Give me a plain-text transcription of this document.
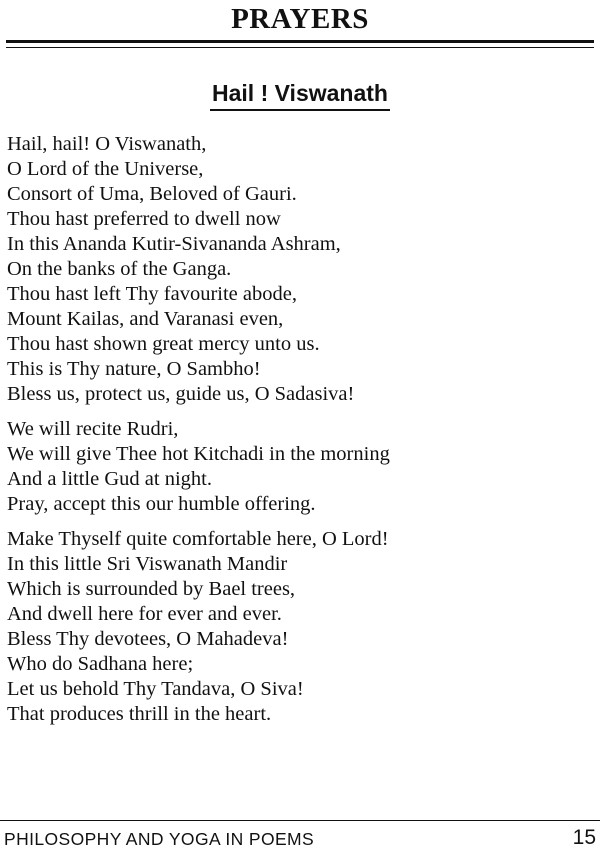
PRAYERS
Hail ! Viswanath

Hail, hail! O Viswanath,
O Lord of the Universe,
Consort of Uma, Beloved of Gauri.
Thou hast preferred to dwell now
In this Ananda Kutir-Sivananda Ashram,
On the banks of the Ganga.
Thou hast left Thy favourite abode,
Mount Kailas, and Varanasi even,
Thou hast shown great mercy unto us.
This is Thy nature, O Sambho!
Bless us, protect us, guide us, O Sadasiva!

We will recite Rudri,
We will give Thee hot Kitchadi in the morning
And a little Gud at night.
Pray, accept this our humble offering.

Make Thyself quite comfortable here, O Lord!
In this little Sri Viswanath Mandir
Which is surrounded by Bael trees,
And dwell here for ever and ever.
Bless Thy devotees, O Mahadeva!
Who do Sadhana here;
Let us behold Thy Tandava, O Siva!
That produces thrill in the heart.

PHILOSOPHY AND YOGA IN POEMS	15
